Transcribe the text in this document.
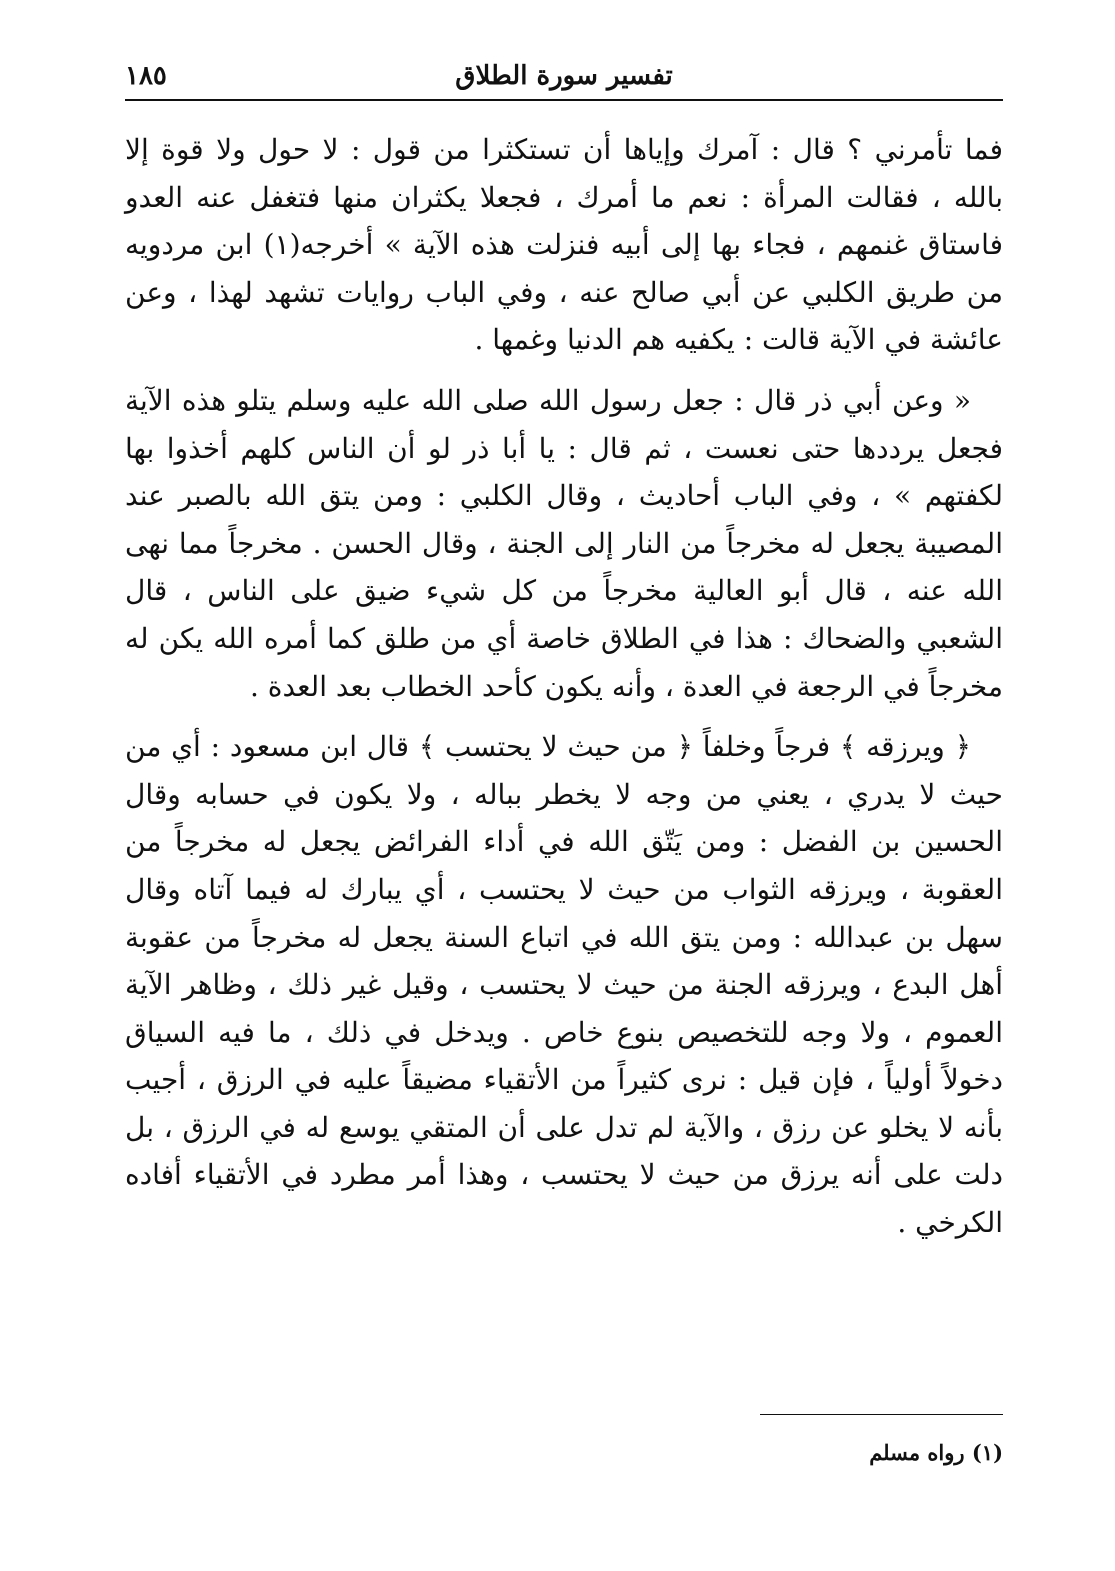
تفسير سورة الطلاق
١٨٥

فما تأمرني ؟ قال : آمرك وإياها أن تستكثرا من قول : لا حول ولا قوة إلا بالله ، فقالت المرأة : نعم ما أمرك ، فجعلا يكثران منها فتغفل عنه العدو فاستاق غنمهم ، فجاء بها إلى أبيه فنزلت هذه الآية » أخرجه(١) ابن مردويه من طريق الكلبي عن أبي صالح عنه ، وفي الباب روايات تشهد لهذا ، وعن عائشة في الآية قالت : يكفيه هم الدنيا وغمها .

« وعن أبي ذر قال : جعل رسول الله صلى الله عليه وسلم يتلو هذه الآية فجعل يرددها حتى نعست ، ثم قال : يا أبا ذر لو أن الناس كلهم أخذوا بها لكفتهم » ، وفي الباب أحاديث ، وقال الكلبي : ومن يتق الله بالصبر عند المصيبة يجعل له مخرجاً من النار إلى الجنة ، وقال الحسن . مخرجاً مما نهى الله عنه ، قال أبو العالية مخرجاً من كل شيء ضيق على الناس ، قال الشعبي والضحاك : هذا في الطلاق خاصة أي من طلق كما أمره الله يكن له مخرجاً في الرجعة في العدة ، وأنه يكون كأحد الخطاب بعد العدة .

﴿ ويرزقه ﴾ فرجاً وخلفاً ﴿ من حيث لا يحتسب ﴾ قال ابن مسعود : أي من حيث لا يدري ، يعني من وجه لا يخطر بباله ، ولا يكون في حسابه وقال الحسين بن الفضل : ومن يَتّق الله في أداء الفرائض يجعل له مخرجاً من العقوبة ، ويرزقه الثواب من حيث لا يحتسب ، أي يبارك له فيما آتاه وقال سهل بن عبدالله : ومن يتق الله في اتباع السنة يجعل له مخرجاً من عقوبة أهل البدع ، ويرزقه الجنة من حيث لا يحتسب ، وقيل غير ذلك ، وظاهر الآية العموم ، ولا وجه للتخصيص بنوع خاص . ويدخل في ذلك ، ما فيه السياق دخولاً أولياً ، فإن قيل : نرى كثيراً من الأتقياء مضيقاً عليه في الرزق ، أجيب بأنه لا يخلو عن رزق ، والآية لم تدل على أن المتقي يوسع له في الرزق ، بل دلت على أنه يرزق من حيث لا يحتسب ، وهذا أمر مطرد في الأتقياء أفاده الكرخي .

(١) رواه مسلم
